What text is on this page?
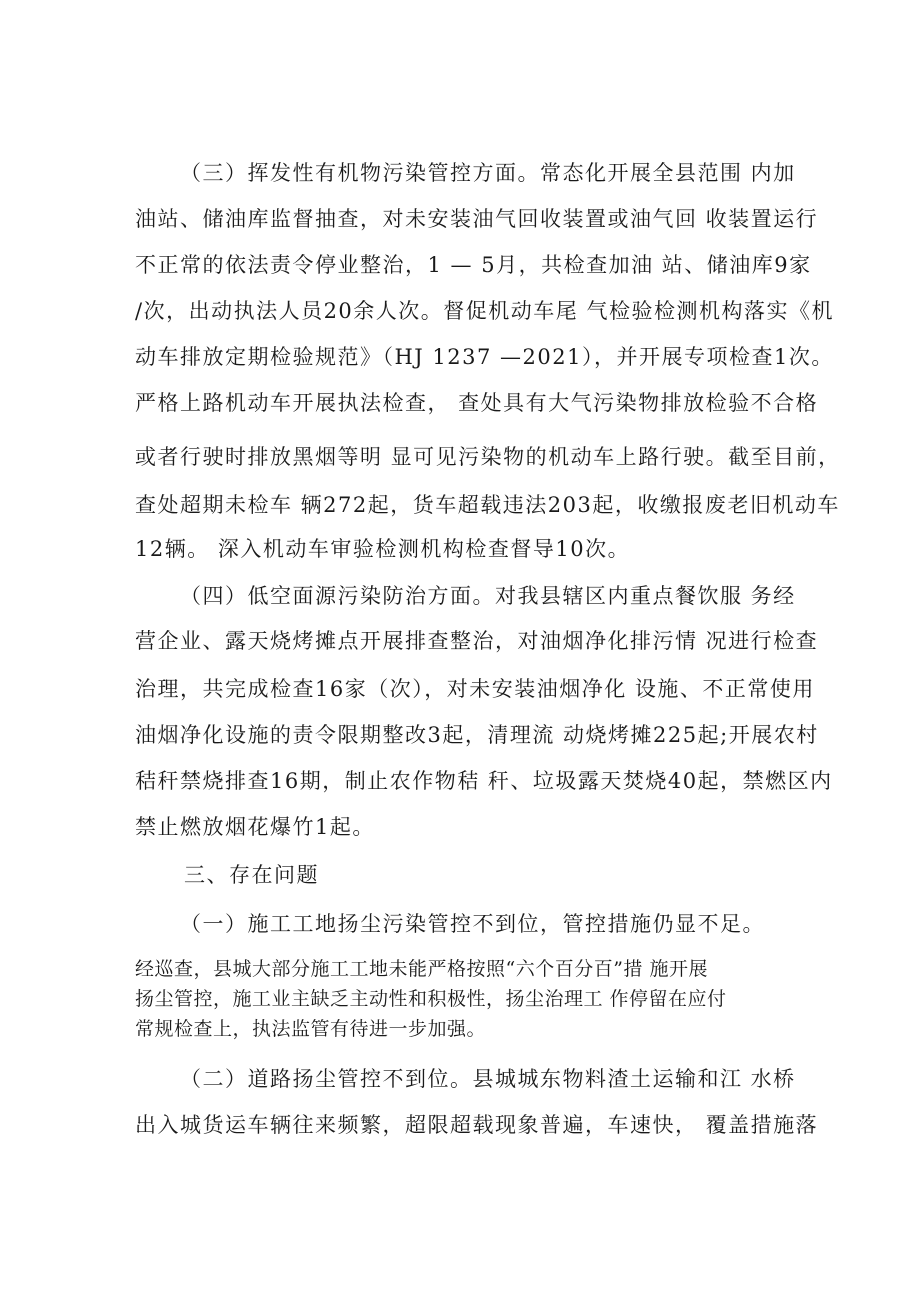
（三）挥发性有机物污染管控方面。常态化开展全县范围 内加
油站、储油库监督抽查，对未安装油气回收装置或油气回 收装置运行
不正常的依法责令停业整治，1 — 5月，共检查加油 站、储油库9家
/次，出动执法人员20余人次。督促机动车尾 气检验检测机构落实《机
动车排放定期检验规范》（HJ 1237 —2021），并开展专项检查1次。
严格上路机动车开展执法检查， 查处具有大气污染物排放检验不合格
或者行驶时排放黑烟等明 显可见污染物的机动车上路行驶。截至目前，
查处超期未检车 辆272起，货车超载违法203起，收缴报废老旧机动车
12辆。 深入机动车审验检测机构检查督导10次。
（四）低空面源污染防治方面。对我县辖区内重点餐饮服 务经
营企业、露天烧烤摊点开展排查整治，对油烟净化排污情 况进行检查
治理，共完成检查16家（次），对未安装油烟净化 设施、不正常使用
油烟净化设施的责令限期整改3起，清理流 动烧烤摊225起;开展农村
秸秆禁烧排查16期，制止农作物秸 秆、垃圾露天焚烧40起，禁燃区内
禁止燃放烟花爆竹1起。
三、存在问题
（一）施工工地扬尘污染管控不到位，管控措施仍显不足。
经巡查，县城大部分施工工地未能严格按照“六个百分百”措 施开展
扬尘管控，施工业主缺乏主动性和积极性，扬尘治理工 作停留在应付
常规检查上，执法监管有待进一步加强。
（二）道路扬尘管控不到位。县城城东物料渣土运输和江 水桥
出入城货运车辆往来频繁，超限超载现象普遍，车速快， 覆盖措施落
